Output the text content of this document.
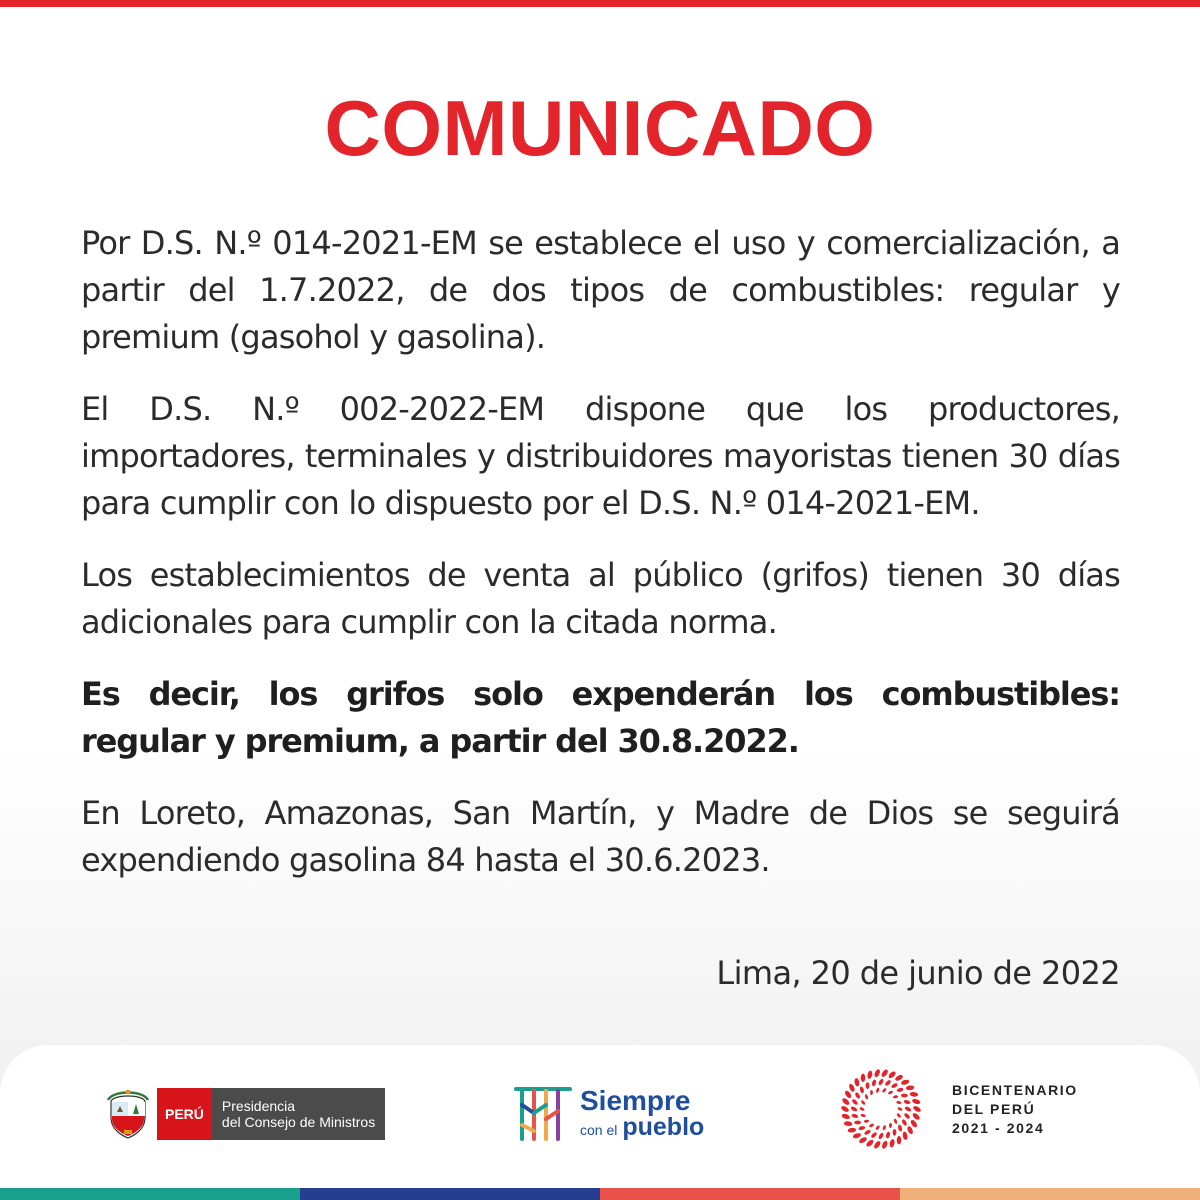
COMUNICADO

Por D.S. N.º 014-2021-EM se establece el uso y comercialización, a partir del 1.7.2022, de dos tipos de combustibles: regular y premium (gasohol y gasolina).

El D.S. N.º 002-2022-EM dispone que los productores, importadores, terminales y distribuidores mayoristas tienen 30 días para cumplir con lo dispuesto por el D.S. N.º 014-2021-EM.

Los establecimientos de venta al público (grifos) tienen 30 días adicionales para cumplir con la citada norma.

Es decir, los grifos solo expenderán los combustibles: regular y premium, a partir del 30.8.2022.

En Loreto, Amazonas, San Martín, y Madre de Dios se seguirá expendiendo gasolina 84 hasta el 30.6.2023.

Lima, 20 de junio de 2022
PERÚ	Presidencia
del Consejo de Ministros
Siempre
con el pueblo
BICENTENARIO
DEL PERÚ
2021 - 2024
